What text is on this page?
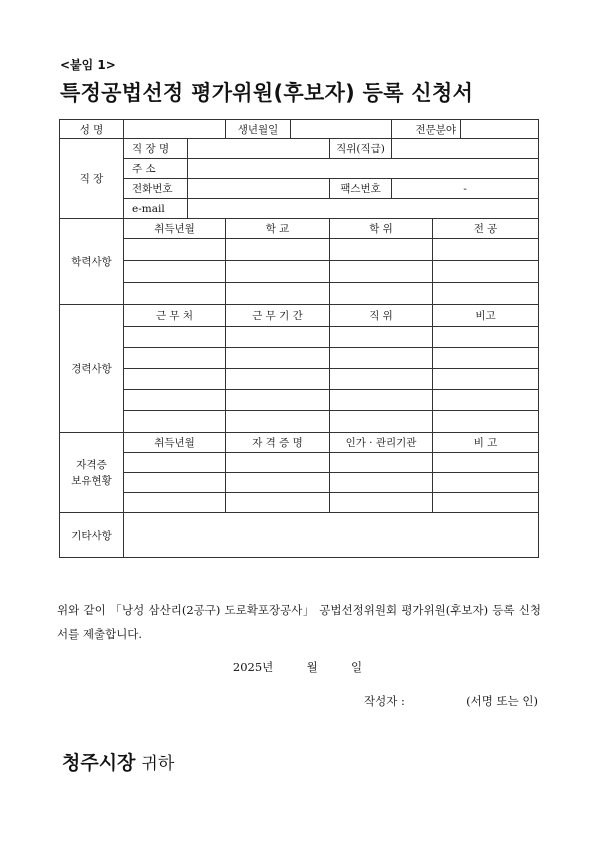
<붙임 1>
특정공법선정 평가위원(후보자) 등록 신청서
성 명			생년월일			전문분야		
직 장	직 장 명				직위(직급)			
	주 소							
	전화번호				팩스번호	-		
	e-mail							
학력사항	취득년월		학 교		학 위		전 공	

경력사항	근 무 처		근 무 기 간		직 위		비고	

자격증
보유현황	취득년월		자 격 증 명		인가 · 관리기관		비 고	

기타사항								
위와 같이 「낭성 삼산리(2공구) 도로확포장공사」 공법선정위원회 평가위원(후보자) 등록 신청서를 제출합니다.
2025년	월	일
작성자 :	(서명 또는 인)
청주시장 귀하
